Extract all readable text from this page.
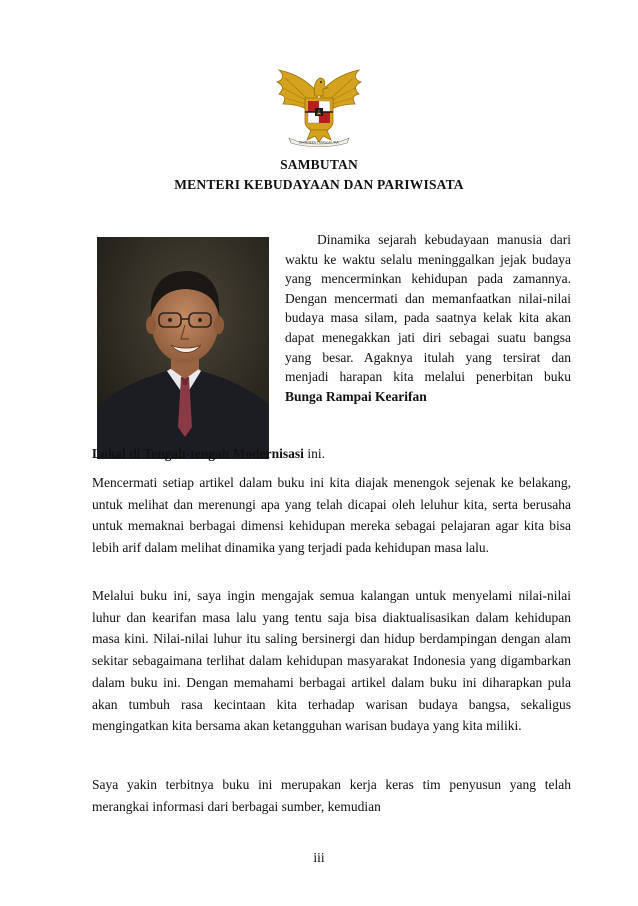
BHINNEKA TUNGGAL IKA
SAMBUTAN
MENTERI KEBUDAYAAN DAN PARIWISATA

Dinamika sejarah kebudayaan manusia dari waktu ke waktu selalu meninggalkan jejak budaya yang mencerminkan kehidupan pada zamannya. Dengan mencermati dan memanfaatkan nilai-nilai budaya masa silam, pada saatnya kelak kita akan dapat menegakkan jati diri sebagai suatu bangsa yang besar. Agaknya itulah yang tersirat dan menjadi harapan kita melalui penerbitan buku Bunga Rampai Kearifan

Lokal di Tengah-tengah Modernisasi ini.

Mencermati setiap artikel dalam buku ini kita diajak menengok sejenak ke belakang, untuk melihat dan merenungi apa yang telah dicapai oleh leluhur kita, serta berusaha untuk memaknai berbagai dimensi kehidupan mereka sebagai pelajaran agar kita bisa lebih arif dalam melihat dinamika yang terjadi pada kehidupan masa lalu.

Melalui buku ini, saya ingin mengajak semua kalangan untuk menyelami nilai-nilai luhur dan kearifan masa lalu yang tentu saja bisa diaktualisasikan dalam kehidupan masa kini. Nilai-nilai luhur itu saling bersinergi dan hidup berdampingan dengan alam sekitar sebagaimana terlihat dalam kehidupan masyarakat Indonesia yang digambarkan dalam buku ini. Dengan memahami berbagai artikel dalam buku ini diharapkan pula akan tumbuh rasa kecintaan kita terhadap warisan budaya bangsa, sekaligus mengingatkan kita bersama akan ketangguhan warisan budaya yang kita miliki.

Saya yakin terbitnya buku ini merupakan kerja keras tim penyusun yang telah merangkai informasi dari berbagai sumber, kemudian

iii
